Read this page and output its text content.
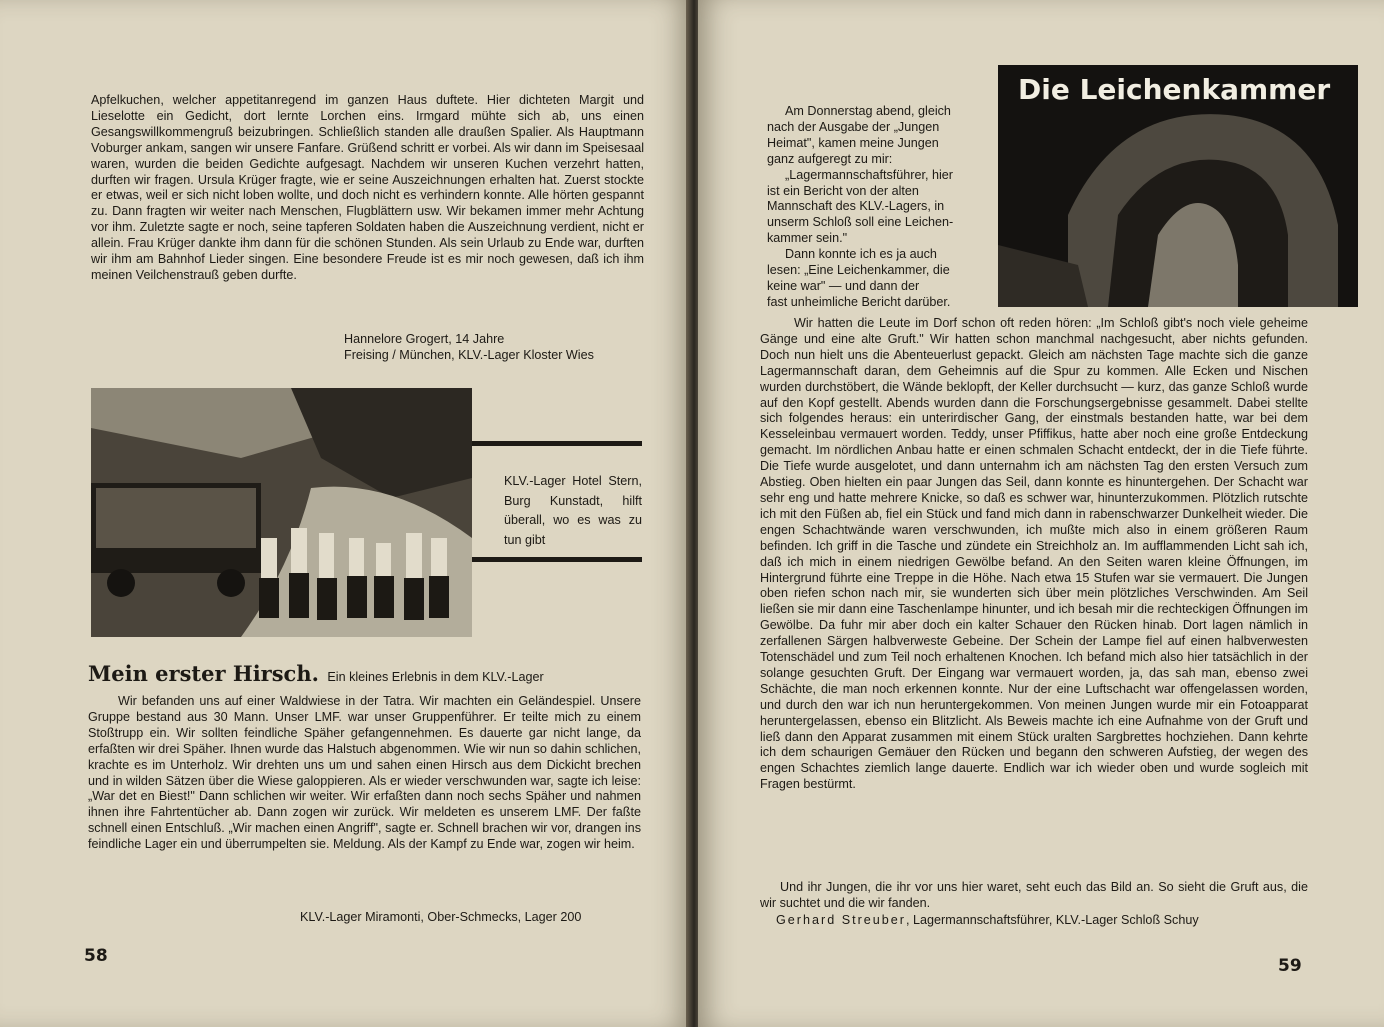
Apfelkuchen, welcher appetitanregend im ganzen Haus duftete. Hier dichteten Margit und Lieselotte ein Gedicht, dort lernte Lorchen eins. Irmgard mühte sich ab, uns einen Gesangswillkommengruß beizubringen. Schließlich standen alle draußen Spalier. Als Hauptmann Voburger ankam, sangen wir unsere Fanfare. Grüßend schritt er vorbei. Als wir dann im Speisesaal waren, wurden die beiden Gedichte aufgesagt. Nachdem wir unseren Kuchen verzehrt hatten, durften wir fragen. Ursula Krüger fragte, wie er seine Auszeichnungen erhalten hat. Zuerst stockte er etwas, weil er sich nicht loben wollte, und doch nicht es verhindern konnte. Alle hörten gespannt zu. Dann fragten wir weiter nach Menschen, Flugblättern usw. Wir bekamen immer mehr Achtung vor ihm. Zuletzte sagte er noch, seine tapferen Soldaten haben die Auszeichnung verdient, nicht er allein. Frau Krüger dankte ihm dann für die schönen Stunden. Als sein Urlaub zu Ende war, durften wir ihm am Bahnhof Lieder singen. Eine besondere Freude ist es mir noch gewesen, daß ich ihm meinen Veilchenstrauß geben durfte.
Hannelore Grogert, 14 Jahre
Freising / München, KLV.-Lager Kloster Wies
KLV.-Lager Hotel Stern, Burg Kunstadt, hilft überall, wo es was zu tun gibt
Mein erster Hirsch. Ein kleines Erlebnis in dem KLV.-Lager
Wir befanden uns auf einer Waldwiese in der Tatra. Wir machten ein Geländespiel. Unsere Gruppe bestand aus 30 Mann. Unser LMF. war unser Gruppenführer. Er teilte mich zu einem Stoßtrupp ein. Wir sollten feindliche Späher gefangennehmen. Es dauerte gar nicht lange, da erfaßten wir drei Späher. Ihnen wurde das Halstuch abgenommen. Wie wir nun so dahin schlichen, krachte es im Unterholz. Wir drehten uns um und sahen einen Hirsch aus dem Dickicht brechen und in wilden Sätzen über die Wiese galoppieren. Als er wieder verschwunden war, sagte ich leise: „War det en Biest!" Dann schlichen wir weiter. Wir erfaßten dann noch sechs Späher und nahmen ihnen ihre Fahrtentücher ab. Dann zogen wir zurück. Wir meldeten es unserem LMF. Der faßte schnell einen Entschluß. „Wir machen einen Angriff", sagte er. Schnell brachen wir vor, drangen ins feindliche Lager ein und überrumpelten sie. Meldung. Als der Kampf zu Ende war, zogen wir heim.
KLV.-Lager Miramonti, Ober-Schmecks, Lager 200
58
Die Leichenkammer
Am Donnerstag abend, gleich
nach der Ausgabe der „Jungen
Heimat", kamen meine Jungen
ganz aufgeregt zu mir:
„Lagermannschaftsführer, hier
ist ein Bericht von der alten
Mannschaft des KLV.-Lagers, in
unserm Schloß soll eine Leichen-
kammer sein."
Dann konnte ich es ja auch
lesen: „Eine Leichenkammer, die
keine war" — und dann der
fast unheimliche Bericht darüber.
Wir hatten die Leute im Dorf schon oft reden hören: „Im Schloß gibt's noch viele geheime Gänge und eine alte Gruft." Wir hatten schon manchmal nachgesucht, aber nichts gefunden. Doch nun hielt uns die Abenteuerlust gepackt. Gleich am nächsten Tage machte sich die ganze Lagermannschaft daran, dem Geheimnis auf die Spur zu kommen. Alle Ecken und Nischen wurden durchstöbert, die Wände beklopft, der Keller durchsucht — kurz, das ganze Schloß wurde auf den Kopf gestellt. Abends wurden dann die Forschungsergebnisse gesammelt. Dabei stellte sich folgendes heraus: ein unterirdischer Gang, der einstmals bestanden hatte, war bei dem Kesseleinbau vermauert worden. Teddy, unser Pfiffikus, hatte aber noch eine große Entdeckung gemacht. Im nördlichen Anbau hatte er einen schmalen Schacht entdeckt, der in die Tiefe führte. Die Tiefe wurde ausgelotet, und dann unternahm ich am nächsten Tag den ersten Versuch zum Abstieg. Oben hielten ein paar Jungen das Seil, dann konnte es hinuntergehen. Der Schacht war sehr eng und hatte mehrere Knicke, so daß es schwer war, hinunterzukommen. Plötzlich rutschte ich mit den Füßen ab, fiel ein Stück und fand mich dann in rabenschwarzer Dunkelheit wieder. Die engen Schachtwände waren verschwunden, ich mußte mich also in einem größeren Raum befinden. Ich griff in die Tasche und zündete ein Streichholz an. Im aufflammenden Licht sah ich, daß ich mich in einem niedrigen Gewölbe befand. An den Seiten waren kleine Öffnungen, im Hintergrund führte eine Treppe in die Höhe. Nach etwa 15 Stufen war sie vermauert. Die Jungen oben riefen schon nach mir, sie wunderten sich über mein plötzliches Verschwinden. Am Seil ließen sie mir dann eine Taschenlampe hinunter, und ich besah mir die rechteckigen Öffnungen im Gewölbe. Da fuhr mir aber doch ein kalter Schauer den Rücken hinab. Dort lagen nämlich in zerfallenen Särgen halbverweste Gebeine. Der Schein der Lampe fiel auf einen halbverwesten Totenschädel und zum Teil noch erhaltenen Knochen. Ich befand mich also hier tatsächlich in der solange gesuchten Gruft. Der Eingang war vermauert worden, ja, das sah man, ebenso zwei Schächte, die man noch erkennen konnte. Nur der eine Luftschacht war offengelassen worden, und durch den war ich nun heruntergekommen. Von meinen Jungen wurde mir ein Fotoapparat heruntergelassen, ebenso ein Blitzlicht. Als Beweis machte ich eine Aufnahme von der Gruft und ließ dann den Apparat zusammen mit einem Stück uralten Sargbrettes hochziehen. Dann kehrte ich dem schaurigen Gemäuer den Rücken und begann den schweren Aufstieg, der wegen des engen Schachtes ziemlich lange dauerte. Endlich war ich wieder oben und wurde sogleich mit Fragen bestürmt.
Und ihr Jungen, die ihr vor uns hier waret, seht euch das Bild an. So sieht die Gruft aus, die wir suchtet und die wir fanden.
Gerhard Streuber, Lagermannschaftsführer, KLV.-Lager Schloß Schuy
59
